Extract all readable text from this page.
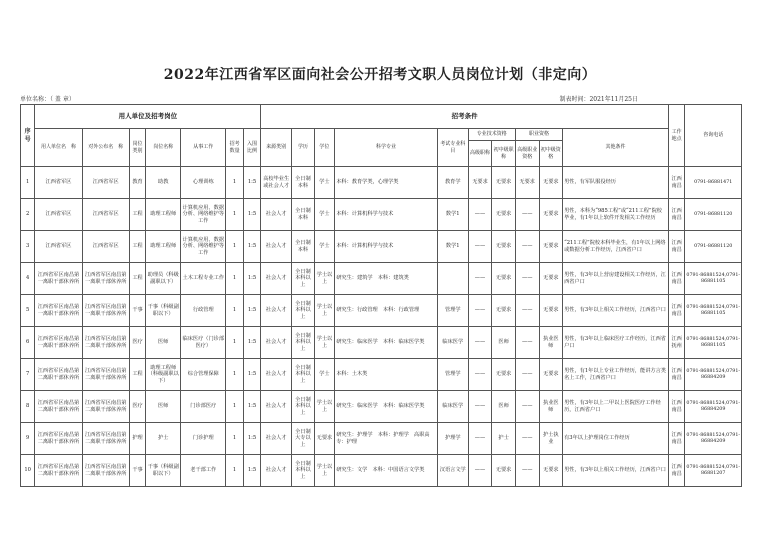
2022年江西省军区面向社会公开招考文职人员岗位计划（非定向）
单位名称：（ 盖 章）	制表时间：2021年11月25日
序号	用人单位及招考岗位							招考条件										工作地点	咨询电话
	用人单位名　称	对外公布名　称	岗位类别	岗位名称	从事工作	招考数量	入围比例	来源类别	学历	学位	科学专业	考试专业科目	专业技术资格		职业资格		其他条件		
													高级职称	初中级职称	高级职业资格	初中级资格			
1	江西省军区	江西省军区	教育	助教	心理训练	1	1:5	高校毕业生或社会人才	全日制本科	学士	本科：教育学类，心理学类	教育学	无要求	无要求	无要求	无要求	男性，有军队服役经历	江西南昌	0791-86881471
2	江西省军区	江西省军区	工程	助理工程师	计算机应用、数据分析、网络维护等工作	1	1:5	社会人才	全日制本科	学士	本科：计算机科学与技术	数学1	——	无要求	——	无要求	男性，本科为“985工程”或“211工程”院校毕业，有1年以上软件开发相关工作经历	江西南昌	0791-86881120
3	江西省军区	江西省军区	工程	助理工程师	计算机应用、数据分析、网络维护等工作	1	1:5	社会人才	全日制本科	学士	本科：计算机科学与技术	数学1	——	无要求	——	无要求	“211工程”院校本科毕业生，有1年以上网络或数据分析工作经历，江西省户口	江西南昌	0791-86881120
4	江西省军区南昌第一离职干部休养所	江西省军区南昌第一离职干部休养所	工程	助理员（科级副职以下）	土木工程专业工作	1	1:5	社会人才	全日制本科以上	学士以上	研究生：建筑学　本科：建筑类		——	无要求	——	无要求	男性，有3年以上营房建设相关工作经历，江西省户口	江西南昌	0791-86881524,0791-86881105
5	江西省军区南昌第一离职干部休养所	江西省军区南昌第一离职干部休养所	干事	干事（科级副职以下）	行政管理	1	1:5	社会人才	全日制本科以上	学士以上	研究生：行政管理　本科：行政管理	管理学	——	无要求	——	无要求	男性，有3年以上相关工作经历，江西省户口	江西南昌	0791-86881524,0791-86881105
6	江西省军区南昌第一离职干部休养所	江西省军区南昌第二离职干部休养所	医疗	医师	临床医疗（门诊部医疗）	1	1:5	社会人才	全日制本科以上	学士以上	研究生：临床医学　本科：临床医学类	临床医学	——	医师	——	执业医师	男性，有3年以上临床医疗工作经历，江西省户口	江西抚州	0791-86881524,0791-86881105
7	江西省军区南昌第二离职干部休养所	江西省军区南昌第二离职干部休养所	工程	助理工程师（科级副职以下）	综合管理保障	1	1:5	社会人才	全日制本科以上	学士	本科：土木类	管理学	——	无要求	——	无要求	男性，有1年以上专业工作经历，能讲方言类名上工作，江西省户口	江西南昌	0791-86881524,0791-86884209
8	江西省军区南昌第二离职干部休养所	江西省军区南昌第二离职干部休养所	医疗	医师	门诊部医疗	1	1:5	社会人才	全日制本科以上	学士以上	研究生：临床医学　本科：临床医学类	临床医学	——	医师	——	执业医师	男性，有3年以上二甲以上医院医疗工作经历，江西省户口	江西南昌	0791-86881524,0791-86884209
9	江西省军区南昌第二离职干部休养所	江西省军区南昌第二离职干部休养所	护理	护士	门诊护理	1	1:5	社会人才	全日制大专以上	无要求	研究生：护理学　本科：护理学　高职高专：护理	护理学	——	护士	——	护士执业	有3年以上护理岗位工作经历	江西南昌	0791-86881524,0791-86884209
10	江西省军区南昌第二离职干部休养所	江西省军区南昌第二离职干部休养所	干事	干事（科级副职以下）	老干部工作	1	1:5	社会人才	全日制本科以上	学士以上	研究生：文学　本科：中国语言文学类	汉语言文学	——	无要求	——	无要求	男性，有3年以上相关工作经历，江西省户口	江西南昌	0791-86881524,0791-86881207
